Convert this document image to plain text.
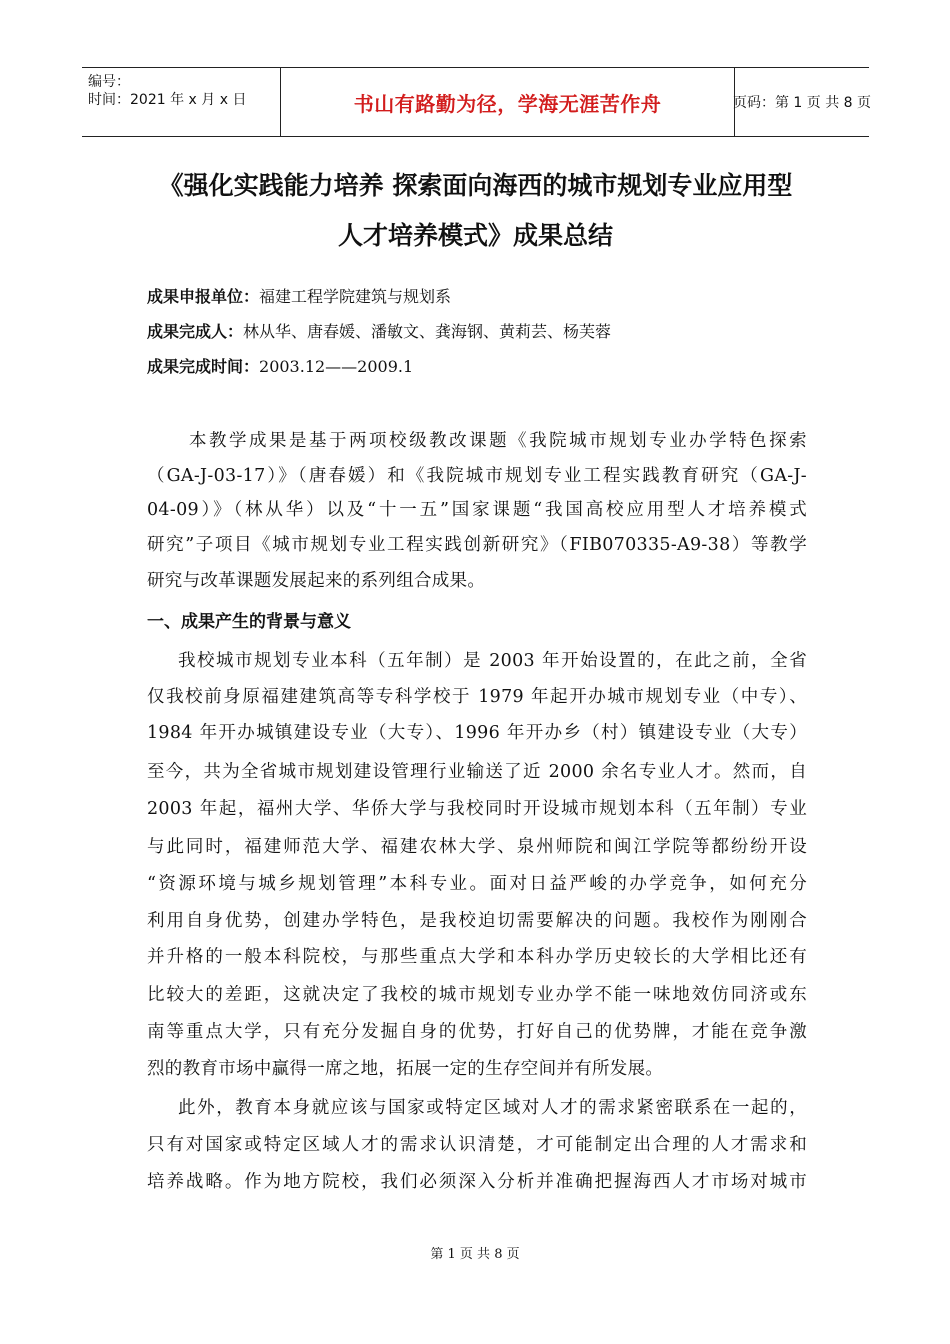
编号：
时间：2021 年 x 月 x 日	书山有路勤为径，学海无涯苦作舟	页码：第 1 页 共 8 页
《强化实践能力培养 探索面向海西的城市规划专业应用型
人才培养模式》成果总结
成果申报单位：福建工程学院建筑与规划系
成果完成人：林从华、唐春媛、潘敏文、龚海钢、黄莉芸、杨芙蓉
成果完成时间：2003.12——2009.1
本教学成果是基于两项校级教改课题《我院城市规划专业办学特色探索
（GA-J-03-17）》（唐春媛）和《我院城市规划专业工程实践教育研究（GA-J-
04-09）》（林从华）以及“十一五”国家课题“我国高校应用型人才培养模式
研究”子项目《城市规划专业工程实践创新研究》（FIB070335-A9-38）等教学
研究与改革课题发展起来的系列组合成果。
一、成果产生的背景与意义
我校城市规划专业本科（五年制）是 2003 年开始设置的，在此之前，全省
仅我校前身原福建建筑高等专科学校于 1979 年起开办城市规划专业（中专）、
1984 年开办城镇建设专业（大专）、1996 年开办乡（村）镇建设专业（大专）
至今，共为全省城市规划建设管理行业输送了近 2000 余名专业人才。然而，自
2003 年起，福州大学、华侨大学与我校同时开设城市规划本科（五年制）专业
与此同时，福建师范大学、福建农林大学、泉州师院和闽江学院等都纷纷开设
“资源环境与城乡规划管理”本科专业。面对日益严峻的办学竞争，如何充分
利用自身优势，创建办学特色，是我校迫切需要解决的问题。我校作为刚刚合
并升格的一般本科院校，与那些重点大学和本科办学历史较长的大学相比还有
比较大的差距，这就决定了我校的城市规划专业办学不能一味地效仿同济或东
南等重点大学，只有充分发掘自身的优势，打好自己的优势牌，才能在竞争激
烈的教育市场中赢得一席之地，拓展一定的生存空间并有所发展。
此外，教育本身就应该与国家或特定区域对人才的需求紧密联系在一起的，
只有对国家或特定区域人才的需求认识清楚，才可能制定出合理的人才需求和
培养战略。作为地方院校，我们必须深入分析并准确把握海西人才市场对城市
第 1 页 共 8 页
